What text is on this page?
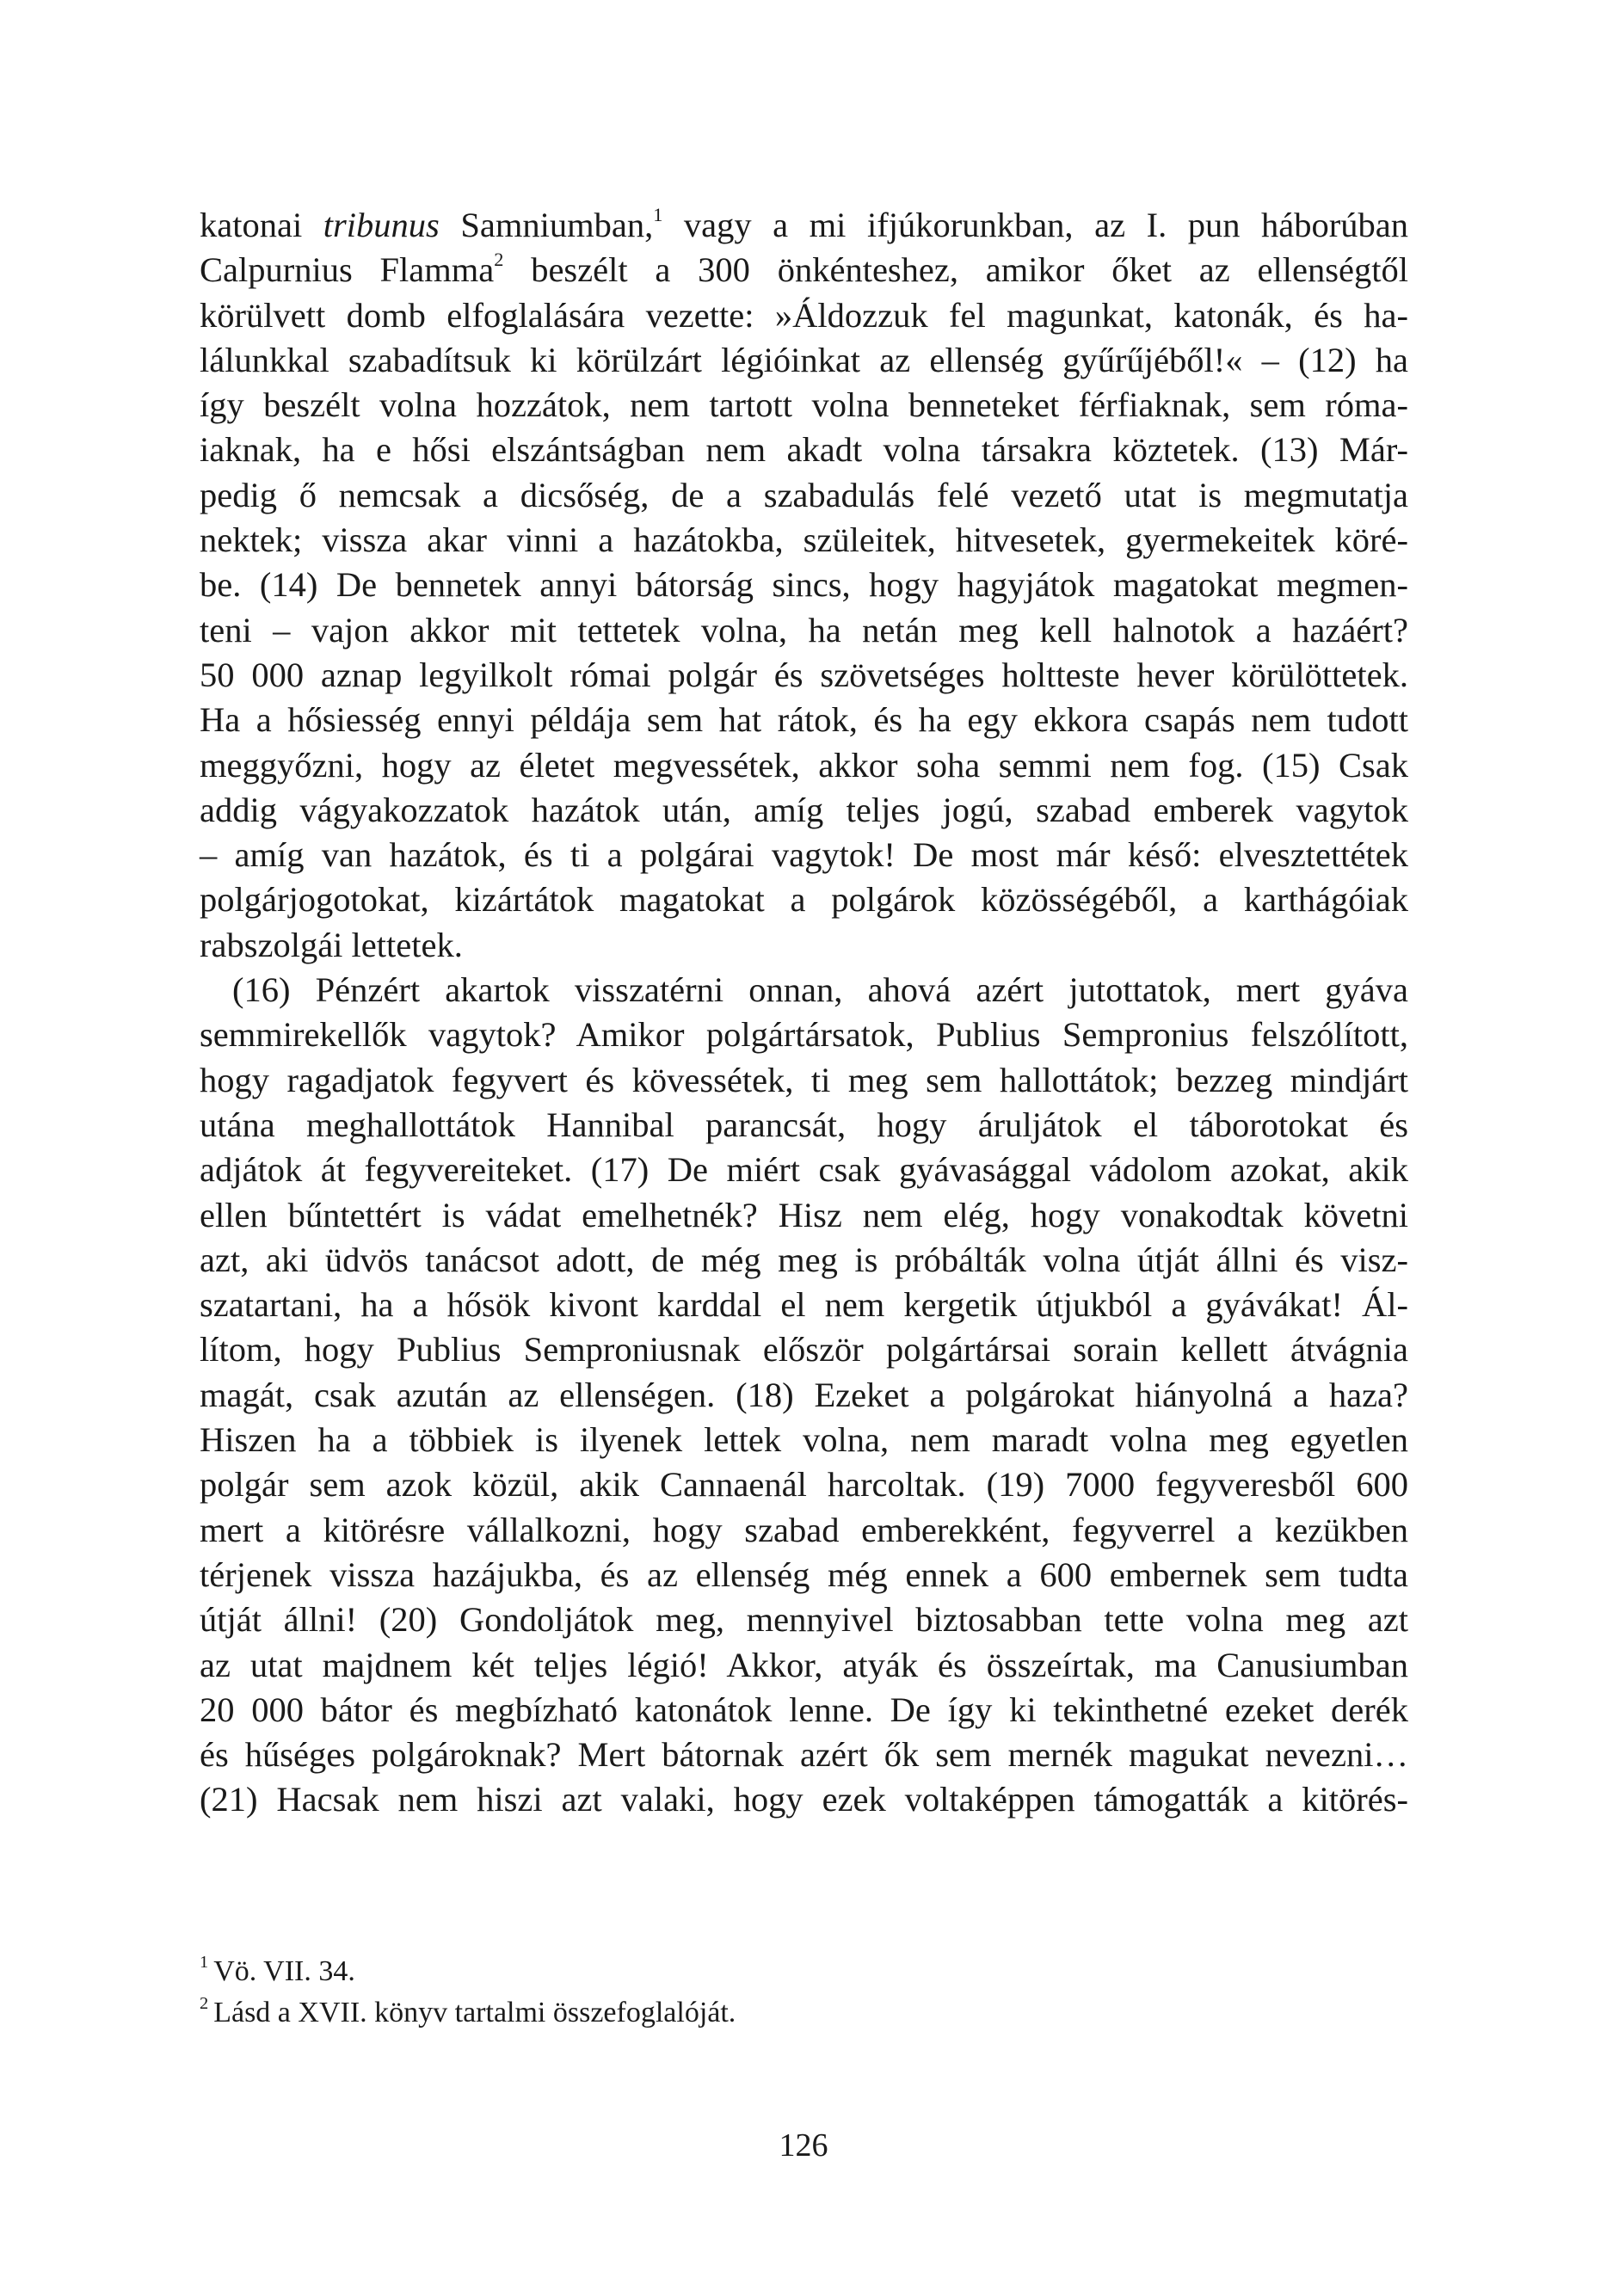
katonai tribunus Samniumban,$^1$ vagy a mi ifjúkorunkban, az I. pun háborúban
Calpurnius Flamma$^2$ beszélt a 300 önkénteshez, amikor őket az ellenségtől
körülvett domb elfoglalására vezette: »Áldozzuk fel magunkat, katonák, és ha-
lálunkkal szabadítsuk ki körülzárt légióinkat az ellenség gyűrűjéből!« – (12) ha
így beszélt volna hozzátok, nem tartott volna benneteket férfiaknak, sem róma-
iaknak, ha e hősi elszántságban nem akadt volna társakra köztetek. (13) Már-
pedig ő nemcsak a dicsőség, de a szabadulás felé vezető utat is megmutatja
nektek; vissza akar vinni a hazátokba, szüleitek, hitvesetek, gyermekeitek köré-
be. (14) De bennetek annyi bátorság sincs, hogy hagyjátok magatokat megmen-
teni – vajon akkor mit tettetek volna, ha netán meg kell halnotok a hazáért?
50 000 aznap legyilkolt római polgár és szövetséges holtteste hever körülöttetek.
Ha a hősiesség ennyi példája sem hat rátok, és ha egy ekkora csapás nem tudott
meggyőzni, hogy az életet megvessétek, akkor soha semmi nem fog. (15) Csak
addig vágyakozzatok hazátok után, amíg teljes jogú, szabad emberek vagytok
– amíg van hazátok, és ti a polgárai vagytok! De most már késő: elvesztettétek
polgárjogotokat, kizártátok magatokat a polgárok közösségéből, a karthágóiak
rabszolgái lettetek.
(16) Pénzért akartok visszatérni onnan, ahová azért jutottatok, mert gyáva
semmirekellők vagytok? Amikor polgártársatok, Publius Sempronius felszólított,
hogy ragadjatok fegyvert és kövessétek, ti meg sem hallottátok; bezzeg mindjárt
utána meghallottátok Hannibal parancsát, hogy áruljátok el táborotokat és
adjátok át fegyvereiteket. (17) De miért csak gyávasággal vádolom azokat, akik
ellen bűntettért is vádat emelhetnék? Hisz nem elég, hogy vonakodtak követni
azt, aki üdvös tanácsot adott, de még meg is próbálták volna útját állni és visz-
szatartani, ha a hősök kivont karddal el nem kergetik útjukból a gyávákat! Ál-
lítom, hogy Publius Semproniusnak először polgártársai sorain kellett átvágnia
magát, csak azután az ellenségen. (18) Ezeket a polgárokat hiányolná a haza?
Hiszen ha a többiek is ilyenek lettek volna, nem maradt volna meg egyetlen
polgár sem azok közül, akik Cannaenál harcoltak. (19) 7000 fegyveresből 600
mert a kitörésre vállalkozni, hogy szabad emberekként, fegyverrel a kezükben
térjenek vissza hazájukba, és az ellenség még ennek a 600 embernek sem tudta
útját állni! (20) Gondoljátok meg, mennyivel biztosabban tette volna meg azt
az utat majdnem két teljes légió! Akkor, atyák és összeírtak, ma Canusiumban
20 000 bátor és megbízható katonátok lenne. De így ki tekinthetné ezeket derék
és hűséges polgároknak? Mert bátornak azért ők sem mernék magukat nevezni…
(21) Hacsak nem hiszi azt valaki, hogy ezek voltaképpen támogatták a kitörés-
$^1$ Vö. VII. 34.
$^2$ Lásd a XVII. könyv tartalmi összefoglalóját.
126
